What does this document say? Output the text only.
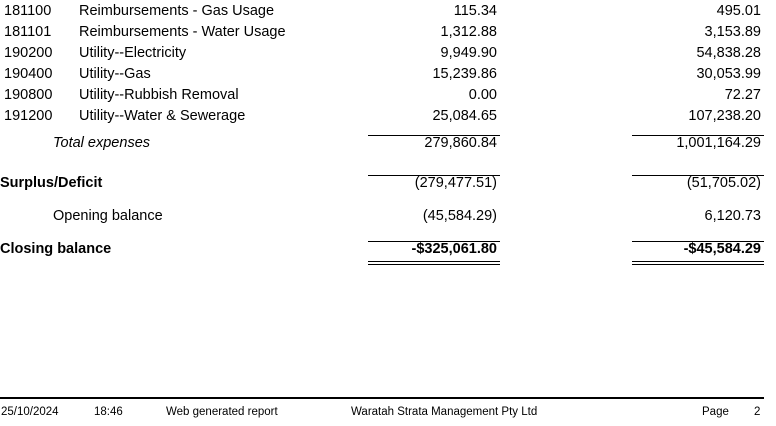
181100 Reimbursements - Gas Usage	115.34	495.01
181101 Reimbursements - Water Usage	1,312.88	3,153.89
190200 Utility--Electricity	9,949.90	54,838.28
190400 Utility--Gas	15,239.86	30,053.99
190800 Utility--Rubbish Removal	0.00	72.27
191200 Utility--Water & Sewerage	25,084.65	107,238.20
Total expenses	279,860.84	1,001,164.29
Surplus/Deficit	(279,477.51)	(51,705.02)
Opening balance	(45,584.29)	6,120.73
Closing balance	-$325,061.80	-$45,584.29
25/10/2024	18:46	Web generated report	Waratah Strata Management Pty Ltd	Page 2
